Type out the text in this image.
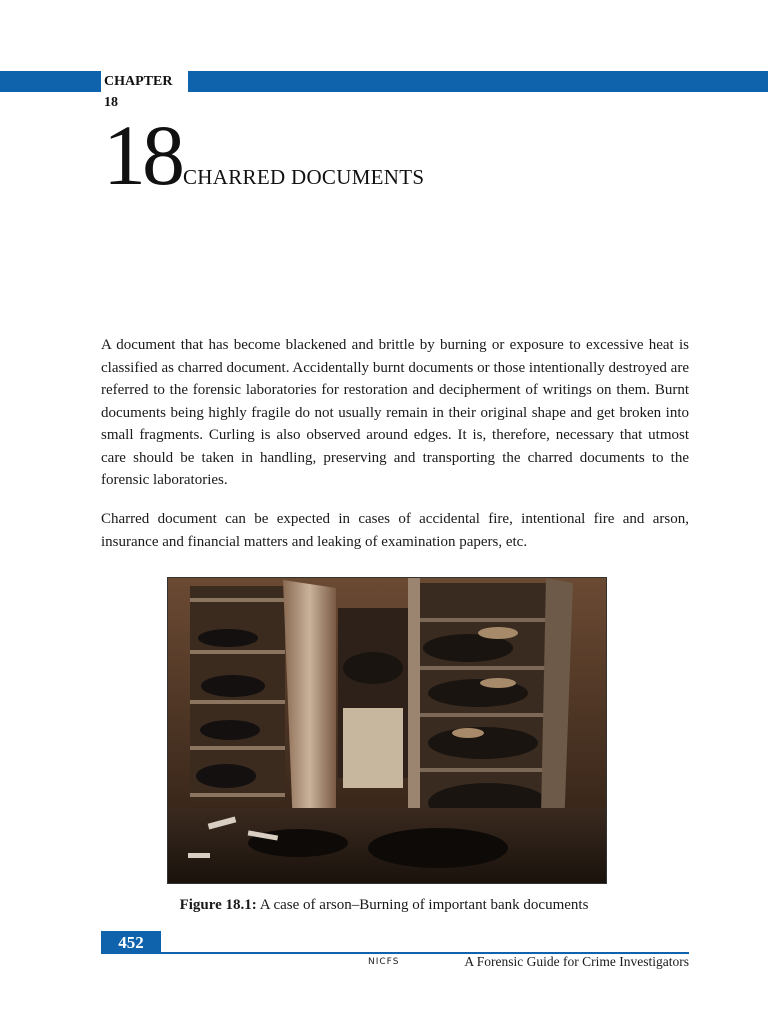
CHAPTER 18
18CHARRED DOCUMENTS

A document that has become blackened and brittle by burning or exposure to excessive heat is classified as charred document. Accidentally burnt documents or those intentionally destroyed are referred to the forensic laboratories for restoration and decipherment of writings on them. Burnt documents being highly fragile do not usually remain in their original shape and get broken into small fragments. Curling is also observed around edges. It is, therefore, necessary that utmost care should be taken in handling, preserving and transporting the charred documents to the forensic laboratories.

Charred document can be expected in cases of accidental fire, intentional fire and arson, insurance and financial matters and leaking of examination papers, etc.

Figure 18.1: A case of arson–Burning of important bank documents
452
NICFS	A Forensic Guide for Crime Investigators
